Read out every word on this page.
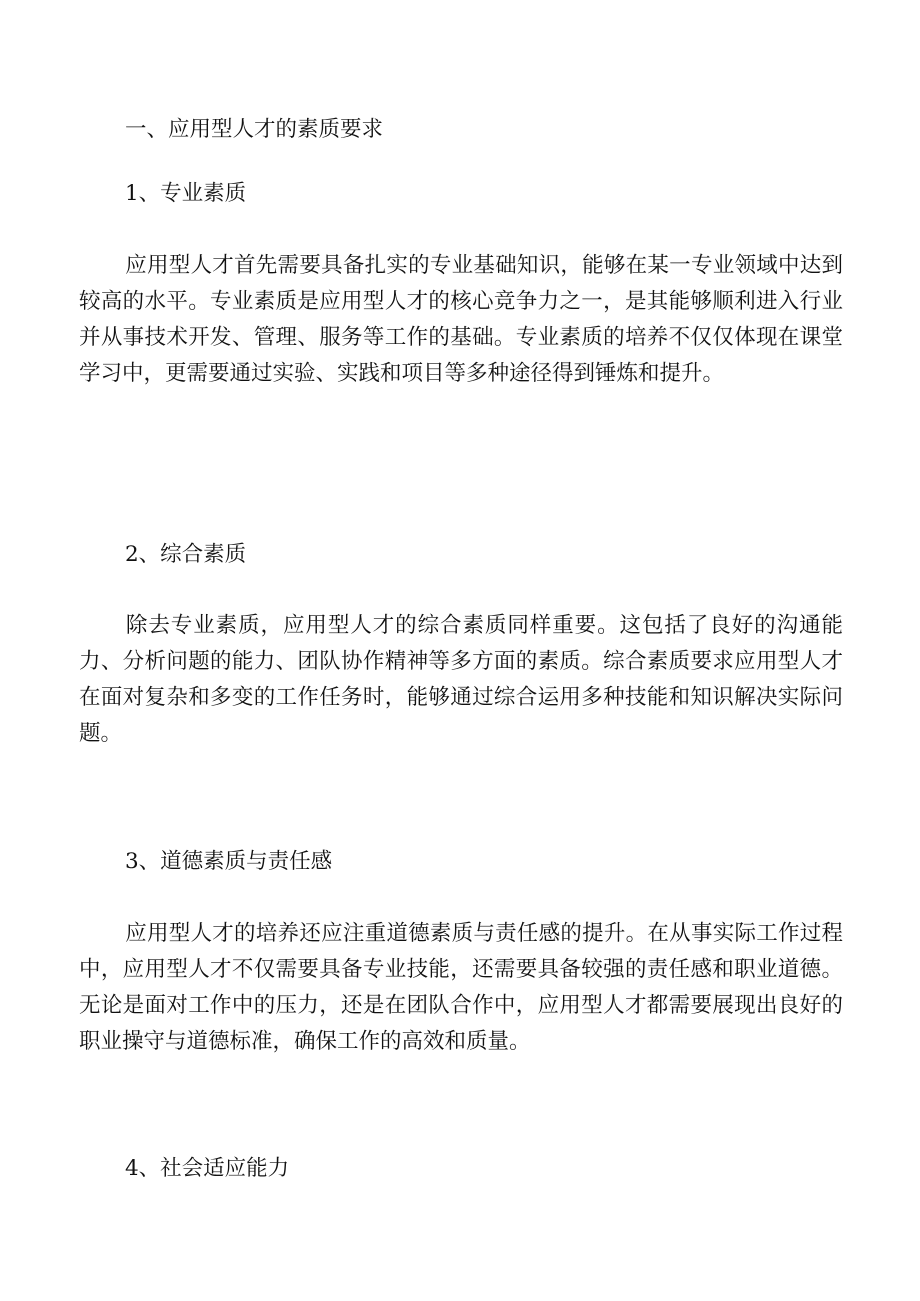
一、应用型人才的素质要求
1、专业素质
应用型人才首先需要具备扎实的专业基础知识，能够在某一专业领域中达到较高的水平。专业素质是应用型人才的核心竞争力之一，是其能够顺利进入行业并从事技术开发、管理、服务等工作的基础。专业素质的培养不仅仅体现在课堂学习中，更需要通过实验、实践和项目等多种途径得到锤炼和提升。
2、综合素质
除去专业素质，应用型人才的综合素质同样重要。这包括了良好的沟通能力、分析问题的能力、团队协作精神等多方面的素质。综合素质要求应用型人才在面对复杂和多变的工作任务时，能够通过综合运用多种技能和知识解决实际问题。
3、道德素质与责任感
应用型人才的培养还应注重道德素质与责任感的提升。在从事实际工作过程中，应用型人才不仅需要具备专业技能，还需要具备较强的责任感和职业道德。无论是面对工作中的压力，还是在团队合作中，应用型人才都需要展现出良好的职业操守与道德标准，确保工作的高效和质量。
4、社会适应能力
